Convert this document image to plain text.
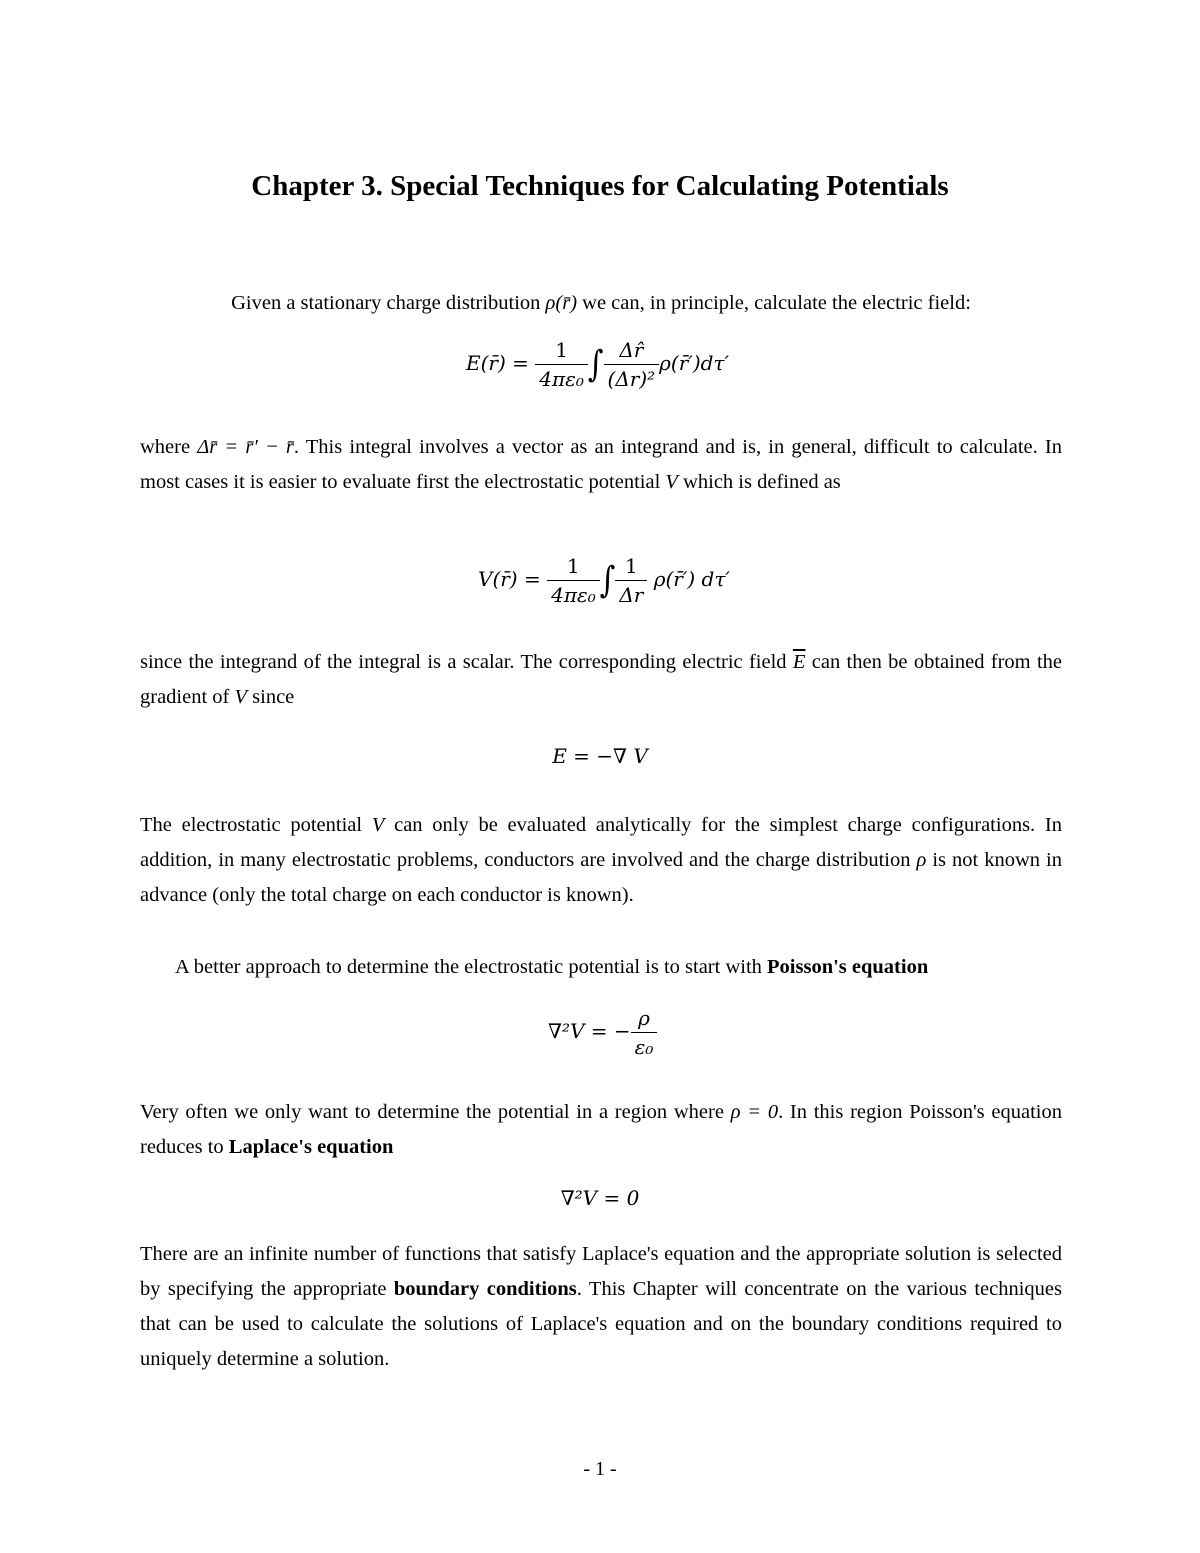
Chapter 3. Special Techniques for Calculating Potentials
Given a stationary charge distribution ρ(r̄) we can, in principle, calculate the electric field:
E(r̄) = $\frac{1}{\text{4πε₀}}$ ∫ $\frac{\Delta r̂}{\text{(Δr)²}}$ ρ(r̄′)dτ′
where Δr̄ = r̄′ − r̄. This integral involves a vector as an integrand and is, in general, difficult to calculate. In most cases it is easier to evaluate first the electrostatic potential V which is defined as
V(r̄) = $\frac{1}{\text{4πε₀}}$ ∫ $\frac{1}{\Delta r}$ ρ(r̄′) dτ′
since the integrand of the integral is a scalar. The corresponding electric field $\overline{E}$ can then be obtained from the gradient of V since
E = −∇ V
The electrostatic potential V can only be evaluated analytically for the simplest charge configurations. In addition, in many electrostatic problems, conductors are involved and the charge distribution ρ is not known in advance (only the total charge on each conductor is known).
A better approach to determine the electrostatic potential is to start with Poisson's equation
∇²V = − $\frac{\rho}{\text{ε₀}}$
Very often we only want to determine the potential in a region where ρ = 0. In this region Poisson's equation reduces to Laplace's equation
∇²V = 0
There are an infinite number of functions that satisfy Laplace's equation and the appropriate solution is selected by specifying the appropriate boundary conditions. This Chapter will concentrate on the various techniques that can be used to calculate the solutions of Laplace's equation and on the boundary conditions required to uniquely determine a solution.
- 1 -
